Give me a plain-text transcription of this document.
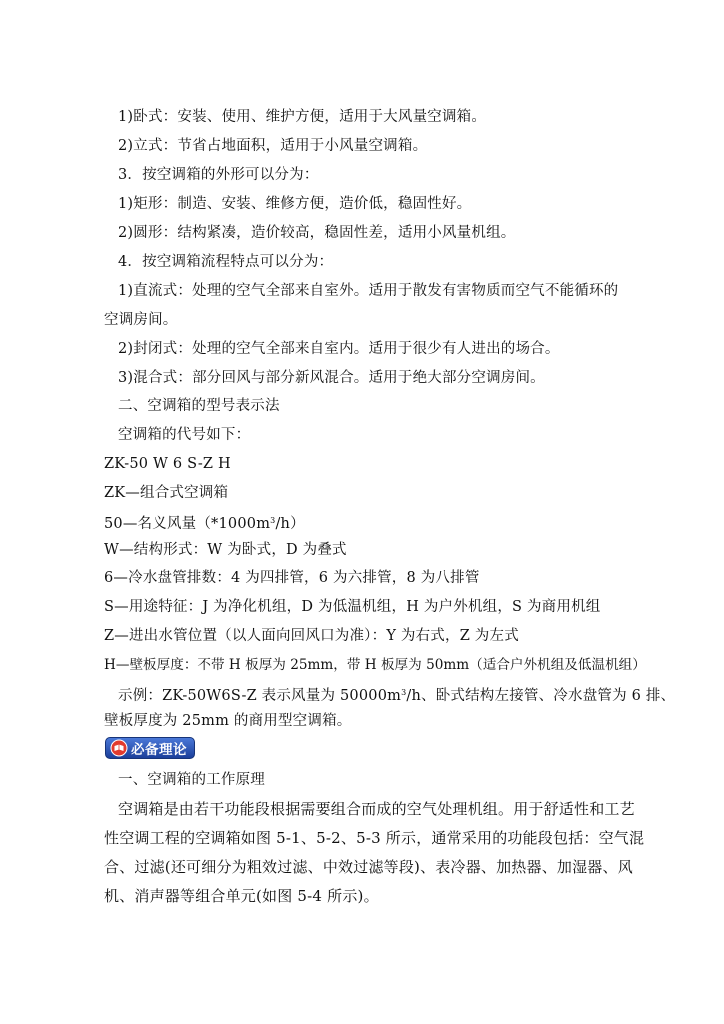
1)卧式：安装、使用、维护方便，适用于大风量空调箱。
2)立式：节省占地面积，适用于小风量空调箱。
3．按空调箱的外形可以分为：
1)矩形：制造、安装、维修方便，造价低，稳固性好。
2)圆形：结构紧凑，造价较高，稳固性差，适用小风量机组。
4．按空调箱流程特点可以分为：
1)直流式：处理的空气全部来自室外。适用于散发有害物质而空气不能循环的
空调房间。
2)封闭式：处理的空气全部来自室内。适用于很少有人进出的场合。
3)混合式：部分回风与部分新风混合。适用于绝大部分空调房间。
二、空调箱的型号表示法
空调箱的代号如下：
ZK-50 W 6 S-Z H
ZK—组合式空调箱
50—名义风量$(*1000m^3/h)$
W—结构形式：W 为卧式，D 为叠式
6—冷水盘管排数：4 为四排管，6 为六排管，8 为八排管
S—用途特征：J 为净化机组，D 为低温机组，H 为户外机组，S 为商用机组
Z—进出水管位置（以人面向回风口为准）：Y 为右式，Z 为左式
H—壁板厚度：不带 H 板厚为 25mm，带 H 板厚为 50mm（适合户外机组及低温机组）
示例：ZK-50W6S-Z 表示风量为 $50000m^3/h$、卧式结构左接管、冷水盘管为 6 排、
壁板厚度为 25mm 的商用型空调箱。
必备理论
一、空调箱的工作原理
空调箱是由若干功能段根据需要组合而成的空气处理机组。用于舒适性和工艺
性空调工程的空调箱如图 5-1、5-2、5-3 所示，通常采用的功能段包括：空气混
合、过滤(还可细分为粗效过滤、中效过滤等段)、表冷器、加热器、加湿器、风
机、消声器等组合单元(如图 5-4 所示)。
